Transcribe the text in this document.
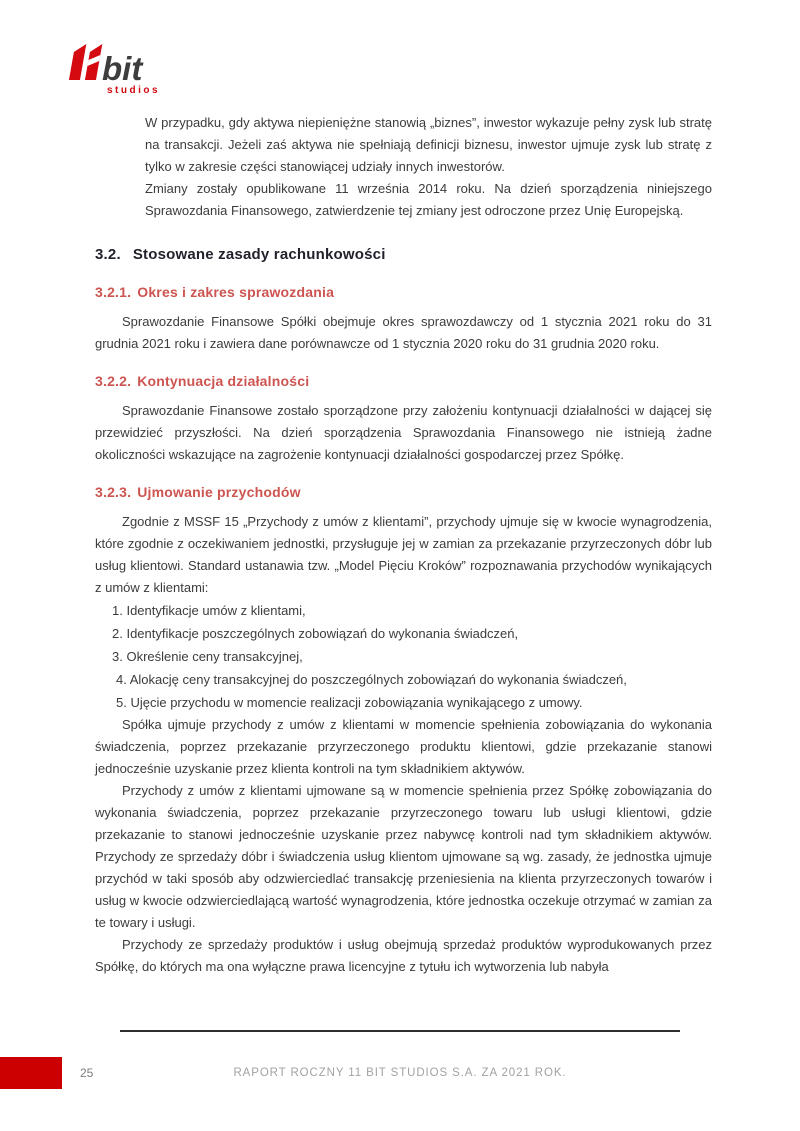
bit
studios

W przypadku, gdy aktywa niepieniężne stanowią „biznes”, inwestor wykazuje pełny zysk lub stratę na transakcji. Jeżeli zaś aktywa nie spełniają definicji biznesu, inwestor ujmuje zysk lub stratę z tylko w zakresie części stanowiącej udziały innych inwestorów.

Zmiany zostały opublikowane 11 września 2014 roku. Na dzień sporządzenia niniejszego Sprawozdania Finansowego, zatwierdzenie tej zmiany jest odroczone przez Unię Europejską.

3.2. Stosowane zasady rachunkowości
3.2.1. Okres i zakres sprawozdania

Sprawozdanie Finansowe Spółki obejmuje okres sprawozdawczy od 1 stycznia 2021 roku do 31 grudnia 2021 roku i zawiera dane porównawcze od 1 stycznia 2020 roku do 31 grudnia 2020 roku.

3.2.2. Kontynuacja działalności

Sprawozdanie Finansowe zostało sporządzone przy założeniu kontynuacji działalności w dającej się przewidzieć przyszłości. Na dzień sporządzenia Sprawozdania Finansowego nie istnieją żadne okoliczności wskazujące na zagrożenie kontynuacji działalności gospodarczej przez Spółkę.

3.2.3. Ujmowanie przychodów

Zgodnie z MSSF 15 „Przychody z umów z klientami”, przychody ujmuje się w kwocie wynagrodzenia, które zgodnie z oczekiwaniem jednostki, przysługuje jej w zamian za przekazanie przyrzeczonych dóbr lub usług klientowi. Standard ustanawia tzw. „Model Pięciu Kroków” rozpoznawania przychodów wynikających z umów z klientami:

1. Identyfikacje umów z klientami,
2. Identyfikacje poszczególnych zobowiązań do wykonania świadczeń,
3. Określenie ceny transakcyjnej,
4. Alokację ceny transakcyjnej do poszczególnych zobowiązań do wykonania świadczeń,
5. Ujęcie przychodu w momencie realizacji zobowiązania wynikającego z umowy.

Spółka ujmuje przychody z umów z klientami w momencie spełnienia zobowiązania do wykonania świadczenia, poprzez przekazanie przyrzeczonego produktu klientowi, gdzie przekazanie stanowi jednocześnie uzyskanie przez klienta kontroli na tym składnikiem aktywów.

Przychody z umów z klientami ujmowane są w momencie spełnienia przez Spółkę zobowiązania do wykonania świadczenia, poprzez przekazanie przyrzeczonego towaru lub usługi klientowi, gdzie przekazanie to stanowi jednocześnie uzyskanie przez nabywcę kontroli nad tym składnikiem aktywów. Przychody ze sprzedaży dóbr i świadczenia usług klientom ujmowane są wg. zasady, że jednostka ujmuje przychód w taki sposób aby odzwierciedlać transakcję przeniesienia na klienta przyrzeczonych towarów i usług w kwocie odzwierciedlającą wartość wynagrodzenia, które jednostka oczekuje otrzymać w zamian za te towary i usługi.

Przychody ze sprzedaży produktów i usług obejmują sprzedaż produktów wyprodukowanych przez Spółkę, do których ma ona wyłączne prawa licencyjne z tytułu ich wytworzenia lub nabyła

25	RAPORT ROCZNY 11 BIT STUDIOS S.A. ZA 2021 ROK.
